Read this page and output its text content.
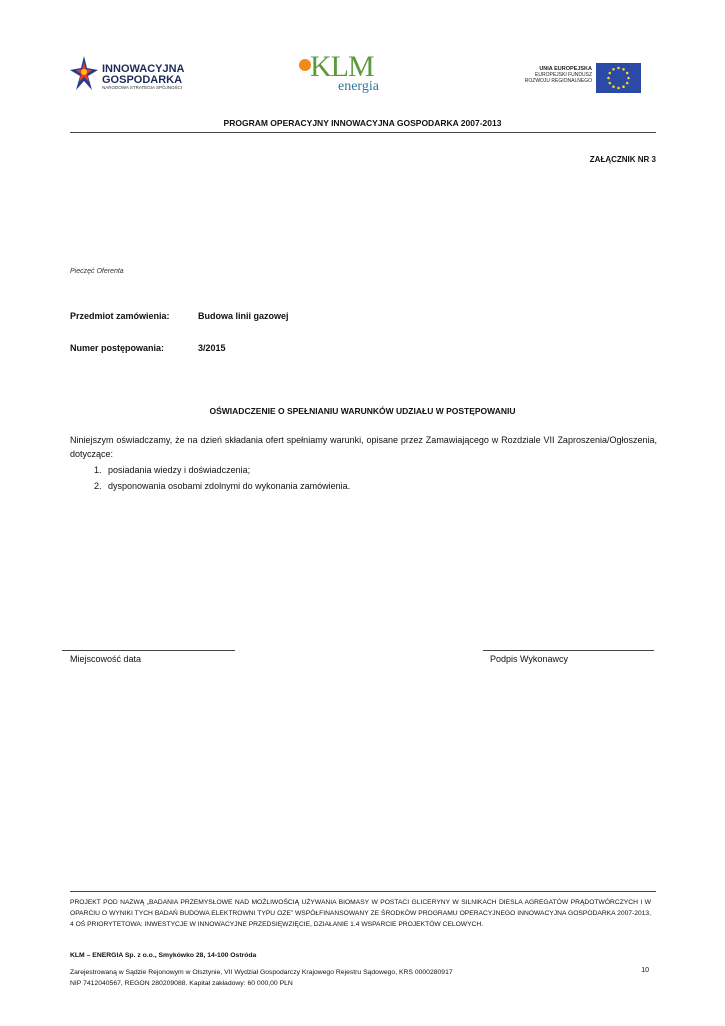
INNOWACYJNA
GOSPODARKA
NARODOWA STRATEGIA SPÓJNOŚCI
KLM
energia
UNIA EUROPEJSKA
EUROPEJSKI FUNDUSZ
ROZWOJU REGIONALNEGO
PROGRAM OPERACYJNY INNOWACYJNA GOSPODARKA 2007-2013
ZAŁĄCZNIK NR 3
Pieczęć Oferenta
Przedmiot zamówienia:	Budowa linii gazowej
Numer postępowania:	3/2015
OŚWIADCZENIE O SPEŁNIANIU WARUNKÓW UDZIAŁU W POSTĘPOWANIU
Niniejszym oświadczamy, że na dzień składania ofert spełniamy warunki, opisane przez Zamawiającego w Rozdziale VII Zaproszenia/Ogłoszenia, dotyczące:
1. posiadania wiedzy i doświadczenia;
2. dysponowania osobami zdolnymi do wykonania zamówienia.
Miejscowość data	Podpis Wykonawcy
PROJEKT POD NAZWĄ „BADANIA PRZEMYSŁOWE NAD MOŻLIWOŚCIĄ UŻYWANIA BIOMASY W POSTACI GLICERYNY W SILNIKACH DIESLA AGREGATÓW PRĄDOTWÓRCZYCH I W OPARCIU O WYNIKI TYCH BADAŃ BUDOWA ELEKTROWNI TYPU OZE” WSPÓŁFINANSOWANY ZE ŚRODKÓW PROGRAMU OPERACYJNEGO INNOWACYJNA GOSPODARKA 2007-2013, 4 OŚ PRIORYTETOWA: INWESTYCJE W INNOWACYJNE PRZEDSIĘWZIĘCIE, DZIAŁANIE 1.4 WSPARCIE PROJEKTÓW CELOWYCH.
KLM – ENERGIA Sp. z o.o., Smykówko 28, 14-100 Ostróda
Zarejestrowaną w Sądzie Rejonowym w Olsztynie, VII Wydział Gospodarczy Krajowego Rejestru Sądowego, KRS 0000280917
NIP 7412040567, REGON 280209088. Kapitał zakładowy: 60 000,00 PLN
10
